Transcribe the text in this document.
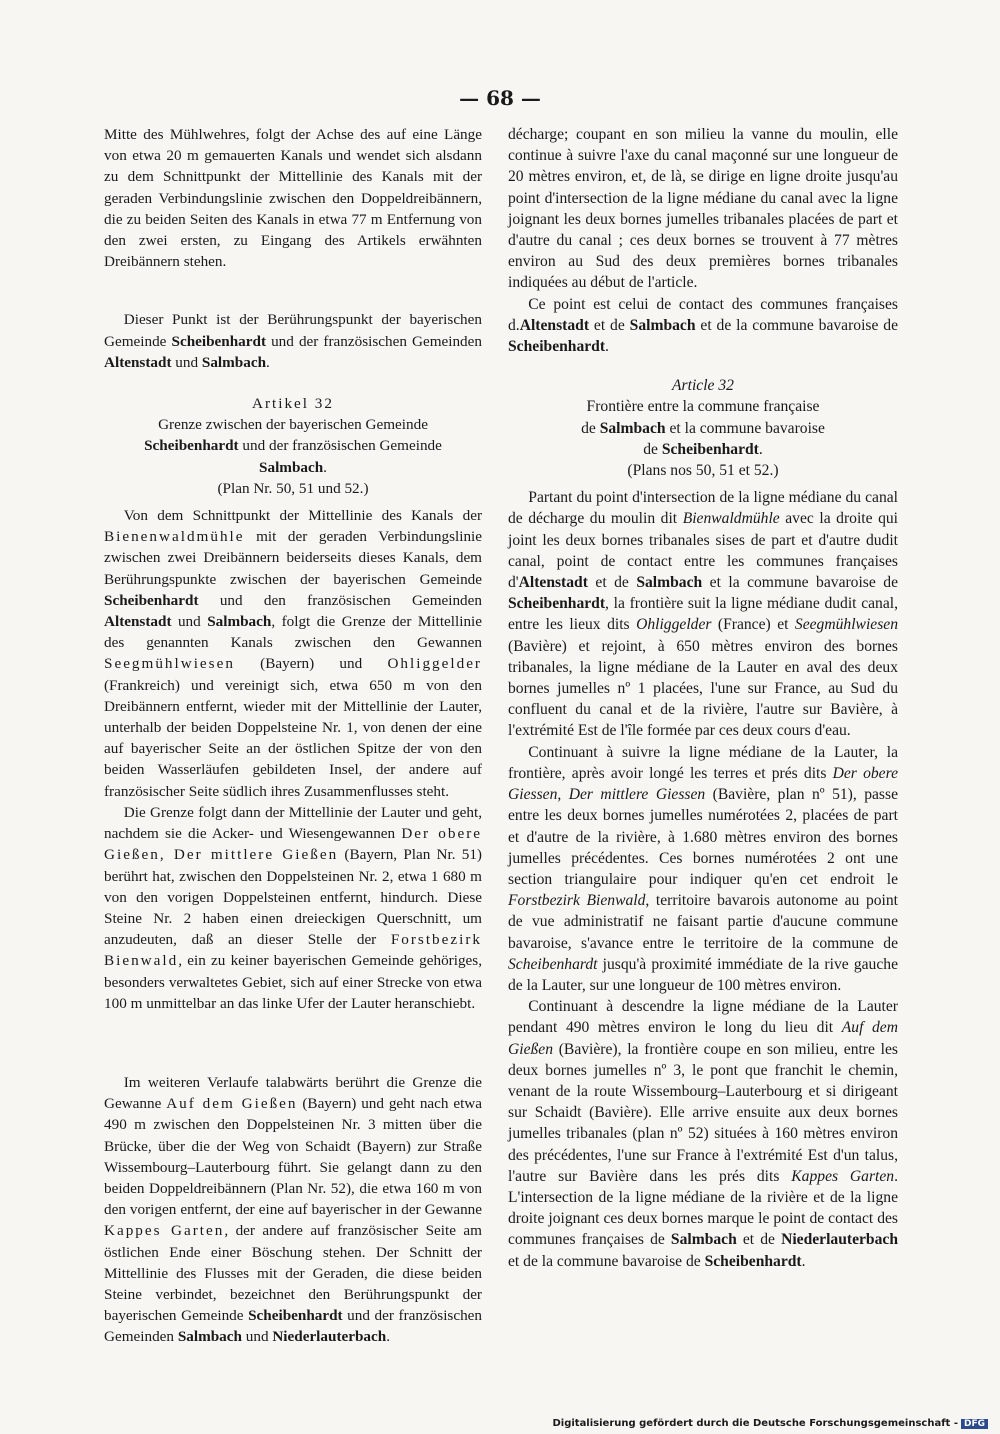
— 68 —

Mitte des Mühlwehres, folgt der Achse des auf eine Länge von etwa 20 m gemauerten Kanals und wendet sich alsdann zu dem Schnittpunkt der Mittellinie des Kanals mit der geraden Verbindungslinie zwischen den Doppeldreibännern, die zu beiden Seiten des Kanals in etwa 77 m Entfernung von den zwei ersten, zu Eingang des Artikels erwähnten Dreibännern stehen.

Dieser Punkt ist der Berührungspunkt der bayerischen Gemeinde Scheibenhardt und der französischen Gemeinden Altenstadt und Salmbach.

Artikel 32

Grenze zwischen der bayerischen Gemeinde

Scheibenhardt und der französischen Gemeinde

Salmbach.

(Plan Nr. 50, 51 und 52.)

Von dem Schnittpunkt der Mittellinie des Kanals der Bienenwaldmühle mit der geraden Verbindungslinie zwischen zwei Dreibännern beiderseits dieses Kanals, dem Berührungspunkte zwischen der bayerischen Gemeinde Scheibenhardt und den französischen Gemeinden Altenstadt und Salmbach, folgt die Grenze der Mittellinie des genannten Kanals zwischen den Gewannen Seegmühlwiesen (Bayern) und Ohliggelder (Frankreich) und vereinigt sich, etwa 650 m von den Dreibännern entfernt, wieder mit der Mittellinie der Lauter, unterhalb der beiden Doppelsteine Nr. 1, von denen der eine auf bayerischer Seite an der östlichen Spitze der von den beiden Wasserläufen gebildeten Insel, der andere auf französischer Seite südlich ihres Zusammenflusses steht.

Die Grenze folgt dann der Mittellinie der Lauter und geht, nachdem sie die Acker- und Wiesengewannen Der obere Gießen, Der mittlere Gießen (Bayern, Plan Nr. 51) berührt hat, zwischen den Doppelsteinen Nr. 2, etwa 1 680 m von den vorigen Doppelsteinen entfernt, hindurch. Diese Steine Nr. 2 haben einen dreieckigen Querschnitt, um anzudeuten, daß an dieser Stelle der Forstbezirk Bienwald, ein zu keiner bayerischen Gemeinde gehöriges, besonders verwaltetes Gebiet, sich auf einer Strecke von etwa 100 m unmittelbar an das linke Ufer der Lauter heranschiebt.

Im weiteren Verlaufe talabwärts berührt die Grenze die Gewanne Auf dem Gießen (Bayern) und geht nach etwa 490 m zwischen den Doppelsteinen Nr. 3 mitten über die Brücke, über die der Weg von Schaidt (Bayern) zur Straße Wissembourg–Lauterbourg führt. Sie gelangt dann zu den beiden Doppeldreibännern (Plan Nr. 52), die etwa 160 m von den vorigen entfernt, der eine auf bayerischer in der Gewanne Kappes Garten, der andere auf französischer Seite am östlichen Ende einer Böschung stehen. Der Schnitt der Mittellinie des Flusses mit der Geraden, die diese beiden Steine verbindet, bezeichnet den Berührungspunkt der bayerischen Gemeinde Scheibenhardt und der französischen Gemeinden Salmbach und Niederlauterbach.

décharge; coupant en son milieu la vanne du moulin, elle continue à suivre l'axe du canal maçonné sur une longueur de 20 mètres environ, et, de là, se dirige en ligne droite jusqu'au point d'intersection de la ligne médiane du canal avec la ligne joignant les deux bornes jumelles tribanales placées de part et d'autre du canal ; ces deux bornes se trouvent à 77 mètres environ au Sud des deux premières bornes tribanales indiquées au début de l'article.

Ce point est celui de contact des communes françaises d.Altenstadt et de Salmbach et de la commune bavaroise de Scheibenhardt.

Article 32

Frontière entre la commune française

de Salmbach et la commune bavaroise

de Scheibenhardt.

(Plans nos 50, 51 et 52.)

Partant du point d'intersection de la ligne médiane du canal de décharge du moulin dit Bienwaldmühle avec la droite qui joint les deux bornes tribanales sises de part et d'autre dudit canal, point de contact entre les communes françaises d'Altenstadt et de Salmbach et la commune bavaroise de Scheibenhardt, la frontière suit la ligne médiane dudit canal, entre les lieux dits Ohliggelder (France) et Seegmühlwiesen (Bavière) et rejoint, à 650 mètres environ des bornes tribanales, la ligne médiane de la Lauter en aval des deux bornes jumelles nº 1 placées, l'une sur France, au Sud du confluent du canal et de la rivière, l'autre sur Bavière, à l'extrémité Est de l'île formée par ces deux cours d'eau.

Continuant à suivre la ligne médiane de la Lauter, la frontière, après avoir longé les terres et prés dits Der obere Giessen, Der mittlere Giessen (Bavière, plan nº 51), passe entre les deux bornes jumelles numérotées 2, placées de part et d'autre de la rivière, à 1.680 mètres environ des bornes jumelles précédentes. Ces bornes numérotées 2 ont une section triangulaire pour indiquer qu'en cet endroit le Forstbezirk Bienwald, territoire bavarois autonome au point de vue administratif ne faisant partie d'aucune commune bavaroise, s'avance entre le territoire de la commune de Scheibenhardt jusqu'à proximité immédiate de la rive gauche de la Lauter, sur une longueur de 100 mètres environ.

Continuant à descendre la ligne médiane de la Lauter pendant 490 mètres environ le long du lieu dit Auf dem Gießen (Bavière), la frontière coupe en son milieu, entre les deux bornes jumelles nº 3, le pont que franchit le chemin, venant de la route Wissembourg–Lauterbourg et si dirigeant sur Schaidt (Bavière). Elle arrive ensuite aux deux bornes jumelles tribanales (plan nº 52) situées à 160 mètres environ des précédentes, l'une sur France à l'extrémité Est d'un talus, l'autre sur Bavière dans les prés dits Kappes Garten. L'intersection de la ligne médiane de la rivière et de la ligne droite joignant ces deux bornes marque le point de contact des communes françaises de Salmbach et de Niederlauterbach et de la commune bavaroise de Scheibenhardt.

Digitalisierung gefördert durch die Deutsche Forschungsgemeinschaft - DFG
